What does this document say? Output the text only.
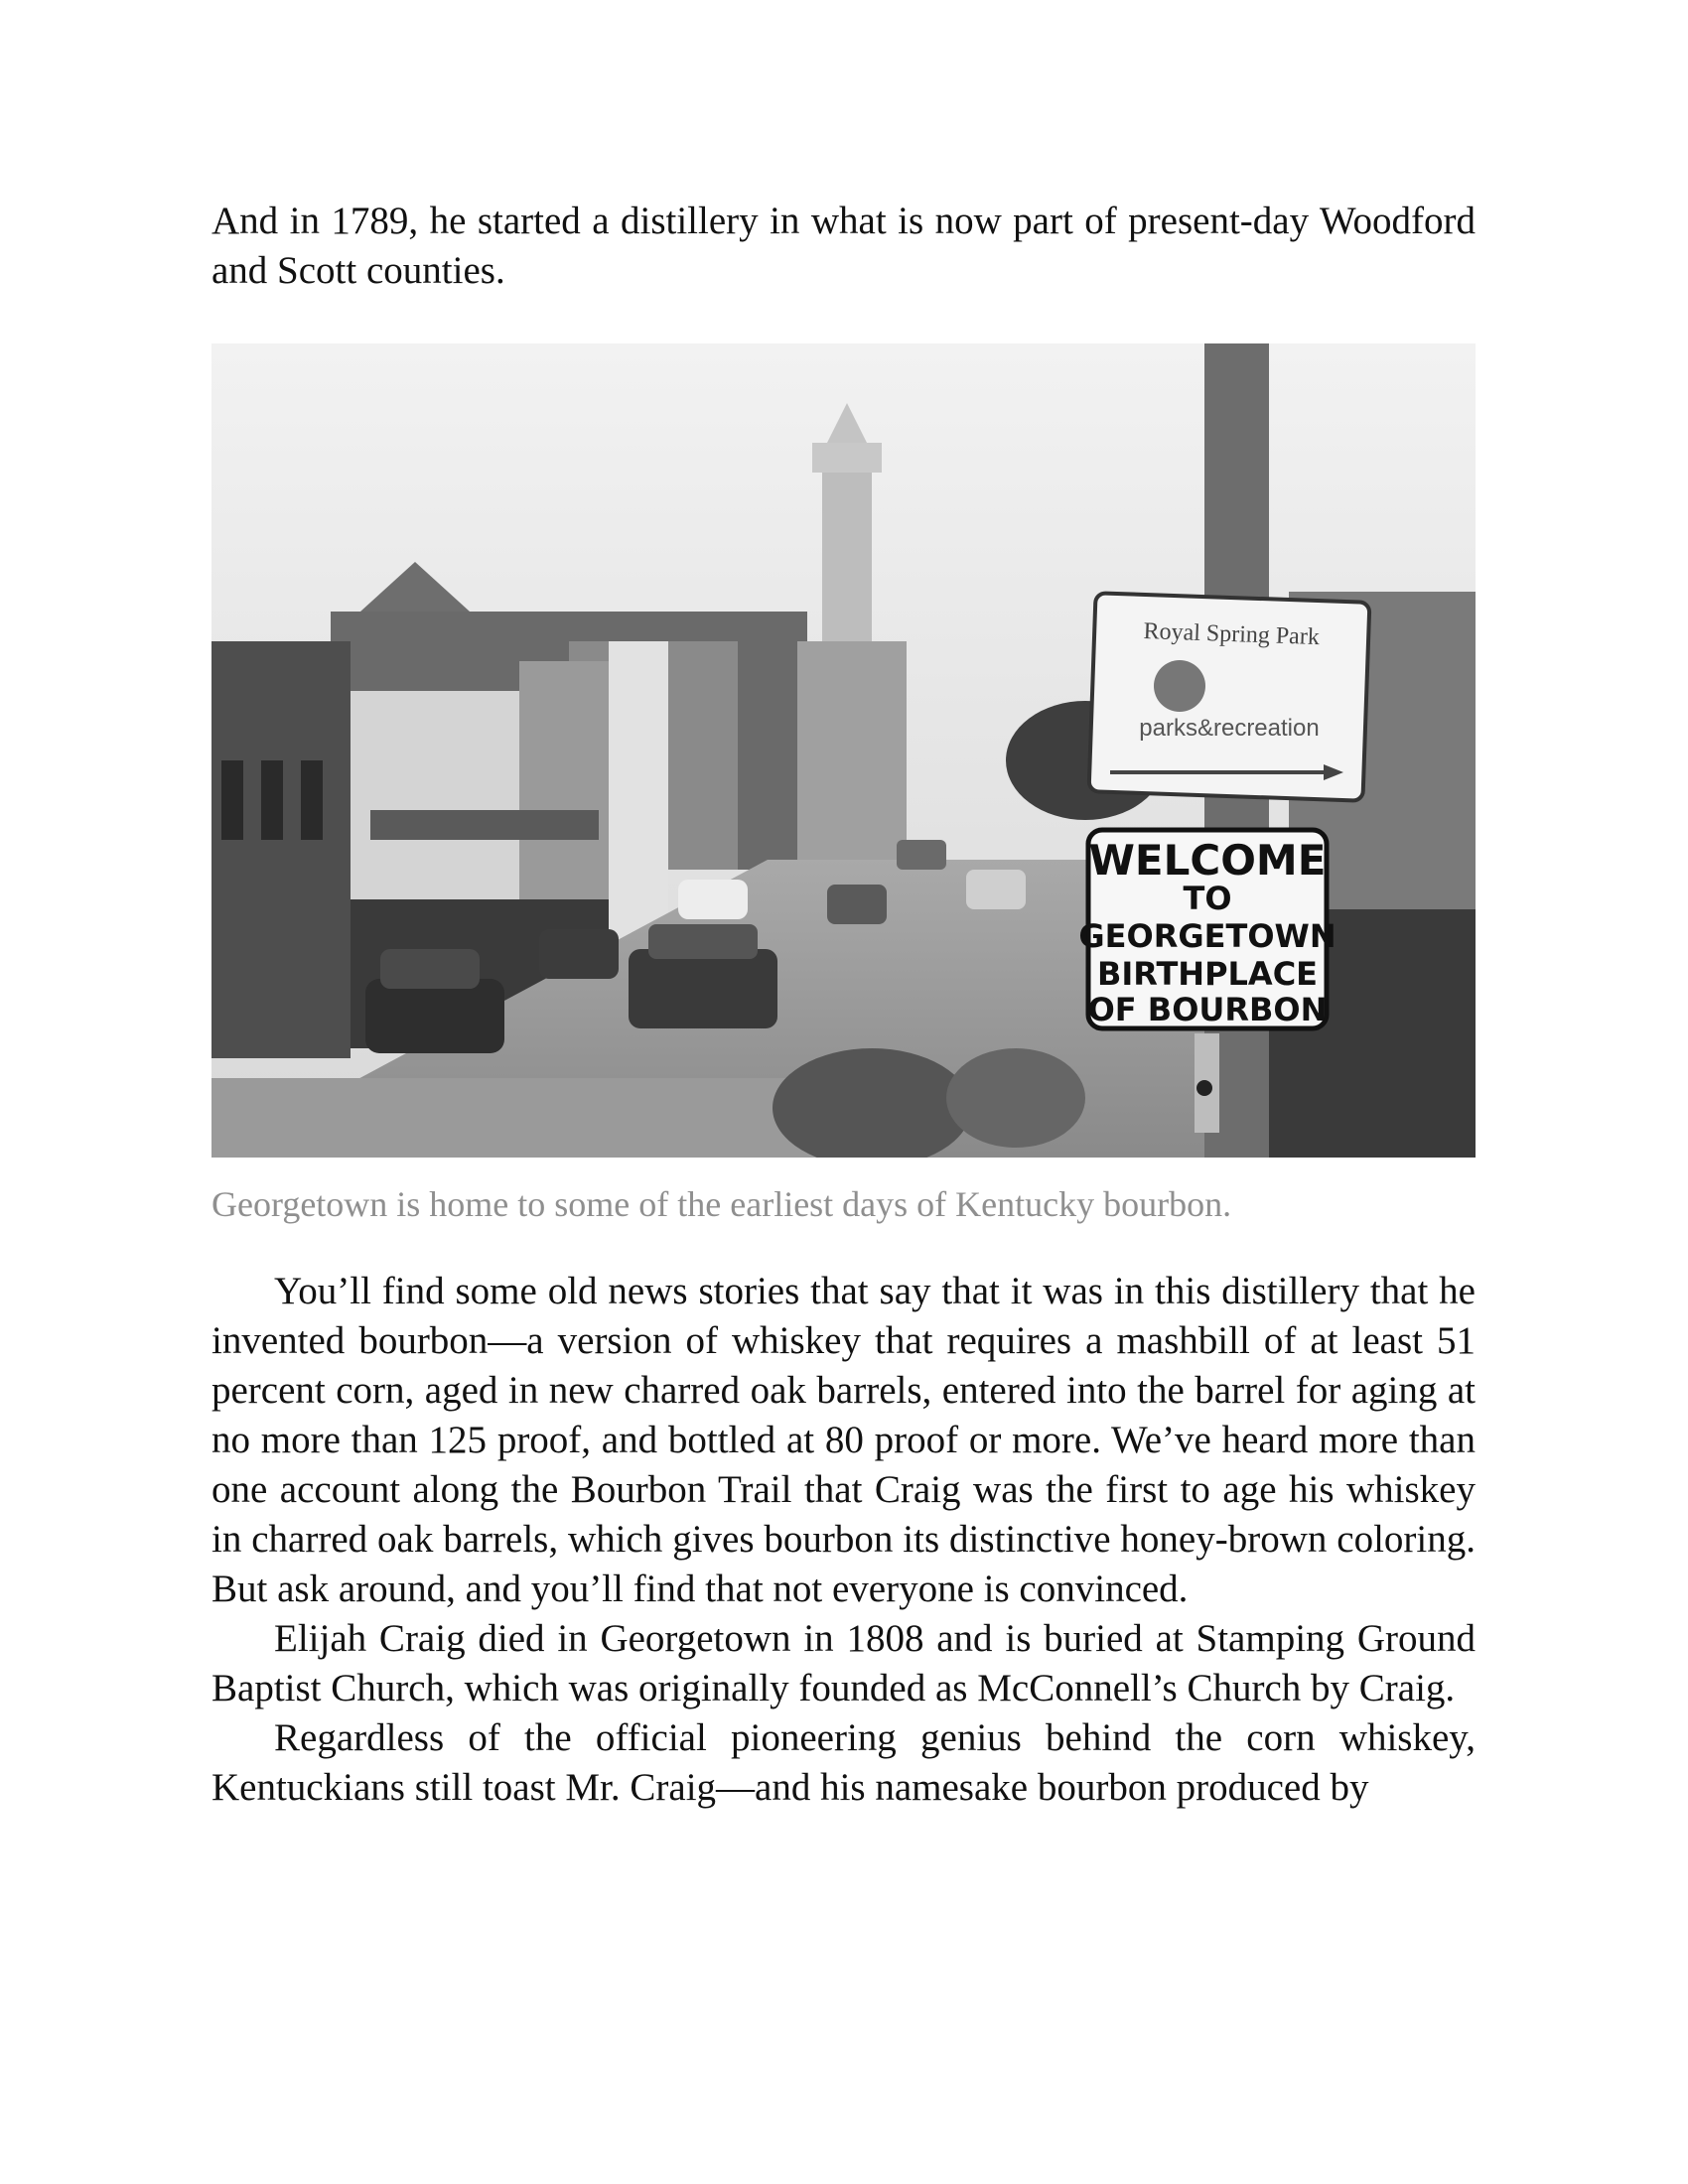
And in 1789, he started a distillery in what is now part of present-day Woodford and Scott counties.

Royal Spring Park
parks&recreation
WELCOME
TO
GEORGETOWN
BIRTHPLACE
OF BOURBON

Georgetown is home to some of the earliest days of Kentucky bourbon.

You’ll find some old news stories that say that it was in this distillery that he invented bourbon—a version of whiskey that requires a mashbill of at least 51 percent corn, aged in new charred oak barrels, entered into the barrel for aging at no more than 125 proof, and bottled at 80 proof or more. We’ve heard more than one account along the Bourbon Trail that Craig was the first to age his whiskey in charred oak barrels, which gives bourbon its distinctive honey-brown coloring. But ask around, and you’ll find that not everyone is convinced.

Elijah Craig died in Georgetown in 1808 and is buried at Stamping Ground Baptist Church, which was originally founded as McConnell’s Church by Craig.

Regardless of the official pioneering genius behind the corn whiskey, Kentuckians still toast Mr. Craig—and his namesake bourbon produced by
